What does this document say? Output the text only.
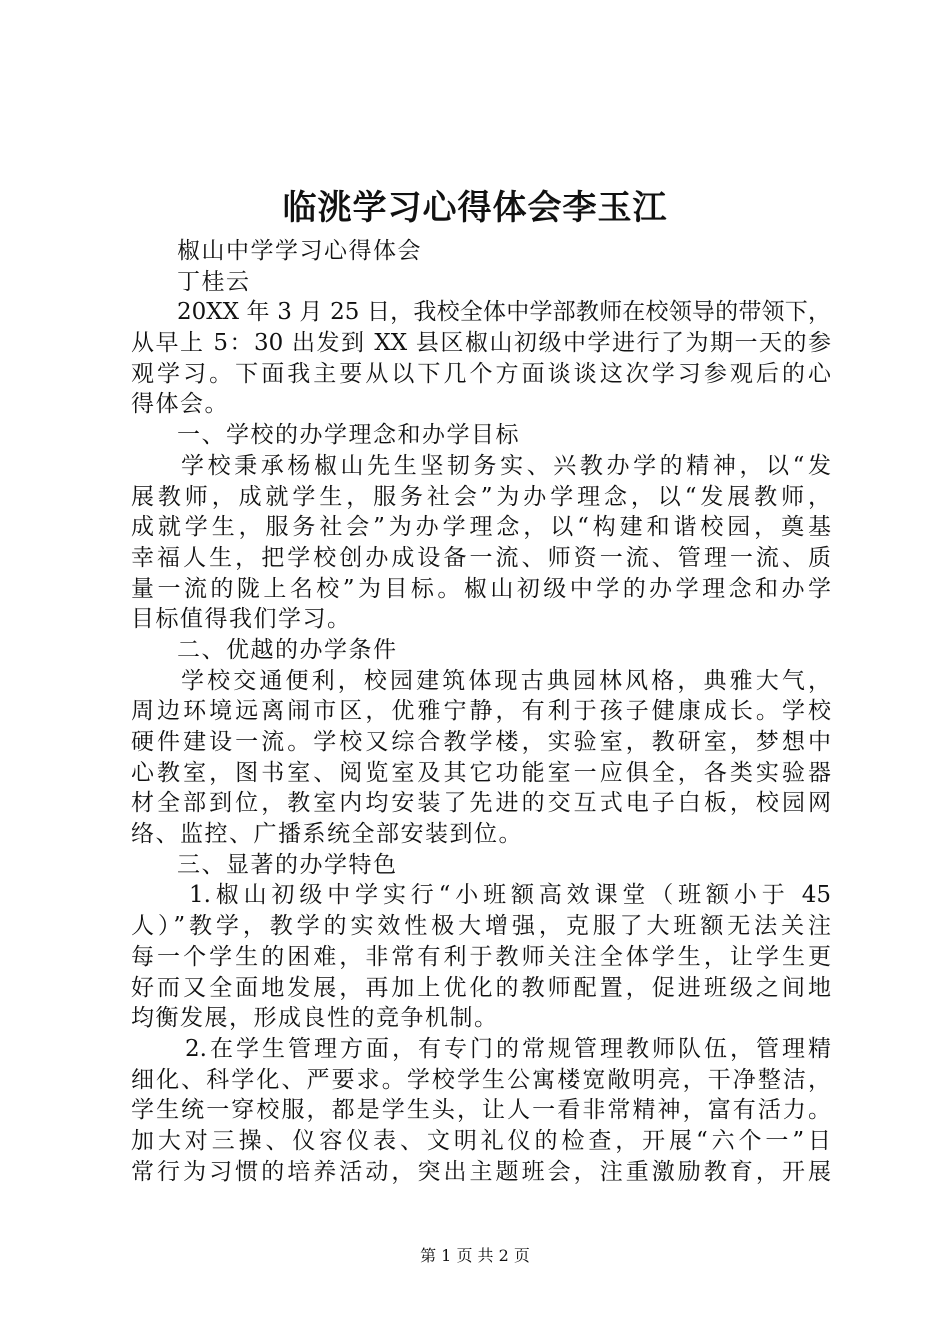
临洮学习心得体会李玉江
椒山中学学习心得体会
丁桂云
20XX 年 3 月 25 日，我校全体中学部教师在校领导的带领下，
从早上 5：30 出发到 XX 县区椒山初级中学进行了为期一天的参
观学习。下面我主要从以下几个方面谈谈这次学习参观后的心
得体会。
一、学校的办学理念和办学目标
学校秉承杨椒山先生坚韧务实、兴教办学的精神，以“发
展教师，成就学生，服务社会”为办学理念，以“发展教师，
成就学生，服务社会”为办学理念，以“构建和谐校园，奠基
幸福人生，把学校创办成设备一流、师资一流、管理一流、质
量一流的陇上名校”为目标。椒山初级中学的办学理念和办学
目标值得我们学习。
二、优越的办学条件
学校交通便利，校园建筑体现古典园林风格，典雅大气，
周边环境远离闹市区，优雅宁静，有利于孩子健康成长。学校
硬件建设一流。学校又综合教学楼，实验室，教研室，梦想中
心教室，图书室、阅览室及其它功能室一应俱全，各类实验器
材全部到位，教室内均安装了先进的交互式电子白板，校园网
络、监控、广播系统全部安装到位。
三、显著的办学特色
1.椒山初级中学实行“小班额高效课堂（班额小于 45
人）”教学，教学的实效性极大增强，克服了大班额无法关注
每一个学生的困难，非常有利于教师关注全体学生，让学生更
好而又全面地发展，再加上优化的教师配置，促进班级之间地
均衡发展，形成良性的竞争机制。
2.在学生管理方面，有专门的常规管理教师队伍，管理精
细化、科学化、严要求。学校学生公寓楼宽敞明亮，干净整洁，
学生统一穿校服，都是学生头，让人一看非常精神，富有活力。
加大对三操、仪容仪表、文明礼仪的检查，开展“六个一”日
常行为习惯的培养活动，突出主题班会，注重激励教育，开展
第 1 页 共 2 页
